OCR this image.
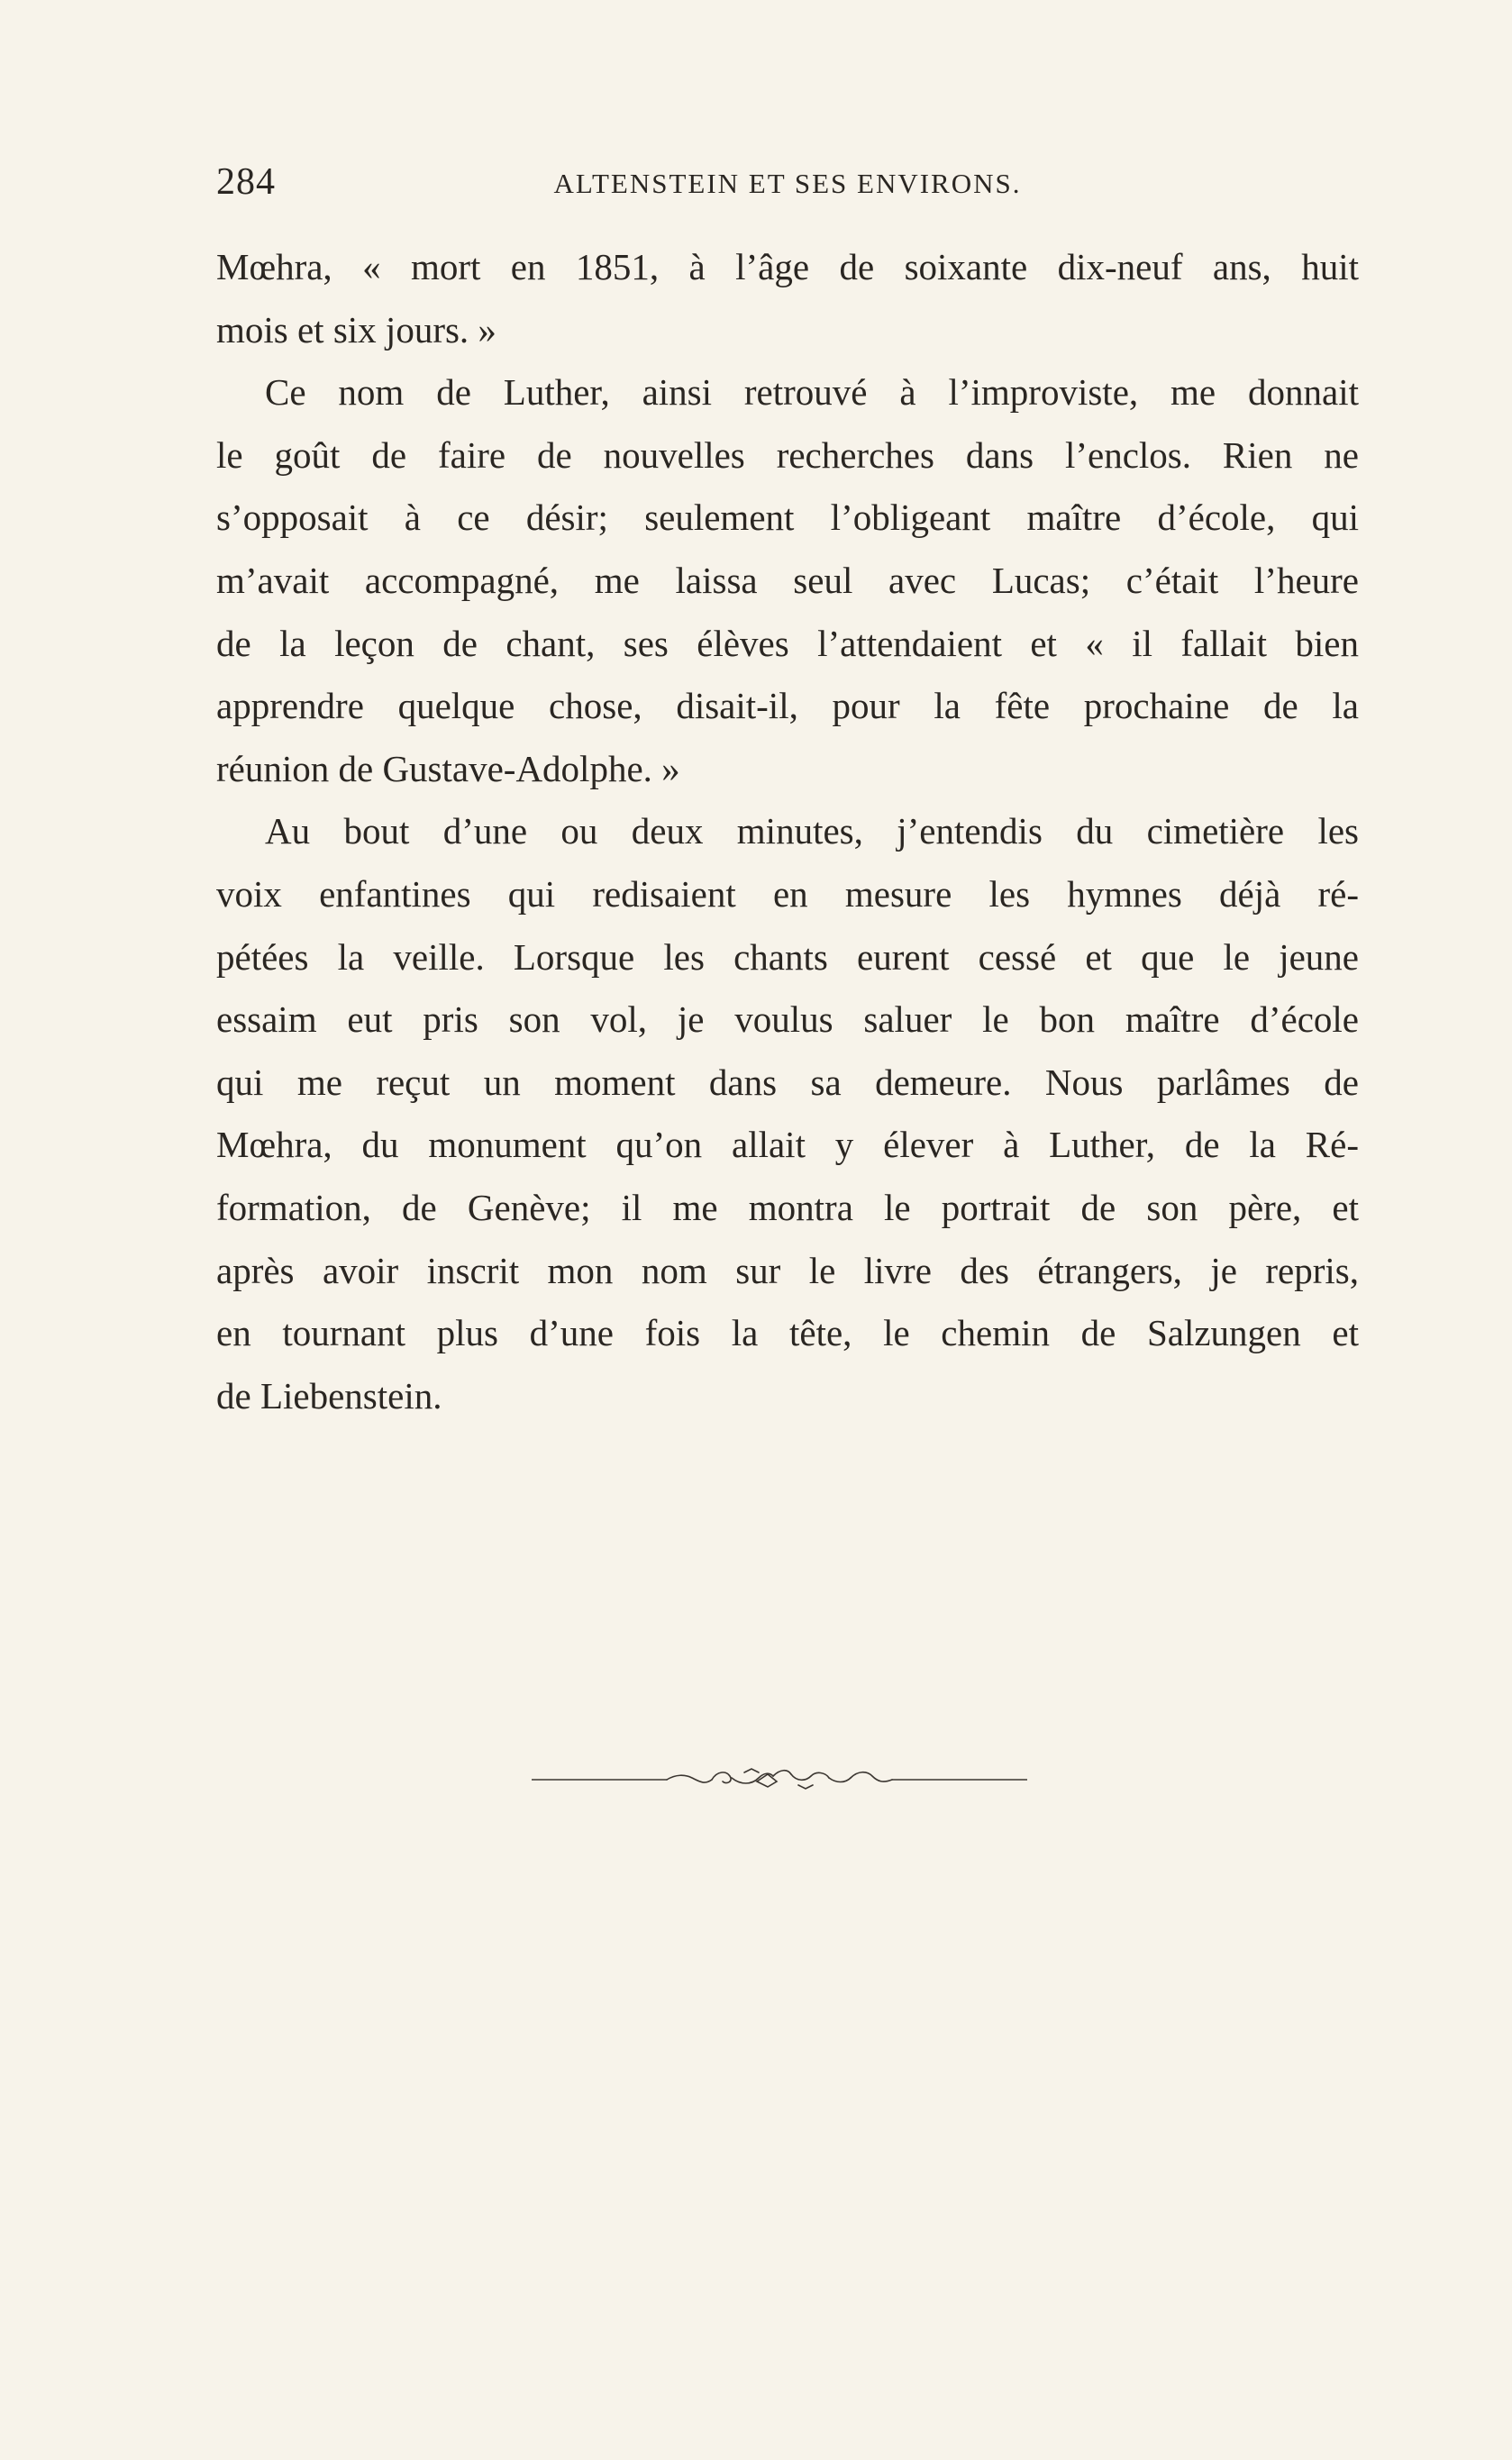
284	ALTENSTEIN ET SES ENVIRONS.
Mœhra, « mort en 1851, à l’âge de soixante dix-neuf ans, huit
mois et six jours. »
Ce nom de Luther, ainsi retrouvé à l’improviste, me donnait
le goût de faire de nouvelles recherches dans l’enclos. Rien ne
s’opposait à ce désir; seulement l’obligeant maître d’école, qui
m’avait accompagné, me laissa seul avec Lucas; c’était l’heure
de la leçon de chant, ses élèves l’attendaient et « il fallait bien
apprendre quelque chose, disait-il, pour la fête prochaine de la
réunion de Gustave-Adolphe. »
Au bout d’une ou deux minutes, j’entendis du cimetière les
voix enfantines qui redisaient en mesure les hymnes déjà ré-
pétées la veille. Lorsque les chants eurent cessé et que le jeune
essaim eut pris son vol, je voulus saluer le bon maître d’école
qui me reçut un moment dans sa demeure. Nous parlâmes de
Mœhra, du monument qu’on allait y élever à Luther, de la Ré-
formation, de Genève; il me montra le portrait de son père, et
après avoir inscrit mon nom sur le livre des étrangers, je repris,
en tournant plus d’une fois la tête, le chemin de Salzungen et
de Liebenstein.
